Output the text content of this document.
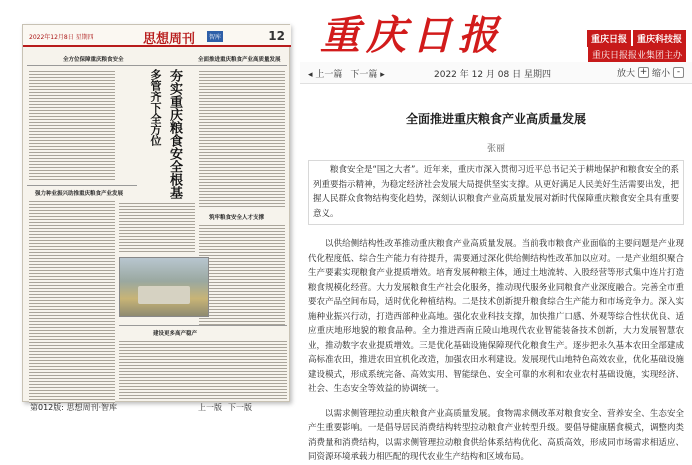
重庆日报	重庆日报	重庆科技报
重庆日报报业集团主办
2022年12月8日 星期四	思想周刊	智库	12
全方位保障重庆粮食安全	全面推进重庆粮食产业高质量发展
夯实重庆粮食安全根基
多管齐下全方位
强力种业振兴助推重庆粮食产业发展
筑牢粮食安全人才支撑
建设更多高产稳产
第012版: 思想周刊·智库	上一版 下一版
◂ 上一篇 下一篇 ▸	2022 年 12 月 08 日 星期四	放大 + 缩小 -
全面推进重庆粮食产业高质量发展
张丽

粮食安全是“国之大者”。近年来，重庆市深入贯彻习近平总书记关于耕地保护和粮食安全的系列重要指示精神，为稳定经济社会发展大局提供坚实支撑。从更好满足人民美好生活需要出发，把握人民群众食物结构变化趋势，深刻认识粮食产业高质量发展对新时代保障重庆粮食安全具有重要意义。

以供给侧结构性改革推动重庆粮食产业高质量发展。当前我市粮食产业面临的主要问题是产业现代化程度低、综合生产能力有待提升，需要通过深化供给侧结构性改革加以应对。一是产业组织聚合生产要素实现粮食产业提质增效。培育发展种粮主体，通过土地流转、入股经营等形式集中连片打造粮食规模化经营。大力发展粮食生产社会化服务，推动现代服务业同粮食产业深度融合。完善全市重要农产品空间布局，适时优化种植结构。二是技术创新提升粮食综合生产能力和市场竞争力。深入实施种业振兴行动，打造西部种业高地。强化农业科技支撑，加快推广口感、外观等综合性状优良、适应重庆地形地貌的粮食品种。全力推进西南丘陵山地现代农业智能装备技术创新，大力发展智慧农业，推动数字农业提质增效。三是优化基础设施保障现代化粮食生产。逐步把永久基本农田全部建成高标准农田，推进农田宜机化改造，加强农田水利建设。发展现代山地特色高效农业，优化基础设施建设模式，形成系统完备、高效实用、智能绿色、安全可靠的水利和农业农村基础设施，实现经济、社会、生态安全等效益的协调统一。

以需求侧管理拉动重庆粮食产业高质量发展。食物需求侧改革对粮食安全、营养安全、生态安全产生重要影响。一是倡导居民消费结构转型拉动粮食产业转型升级。要倡导健康膳食模式，调整肉类消费量和消费结构，以需求侧管理拉动粮食供给体系结构优化、高质高效，形成同市场需求相适应、同资源环境承载力相匹配的现代农业生产结构和区域布局。
